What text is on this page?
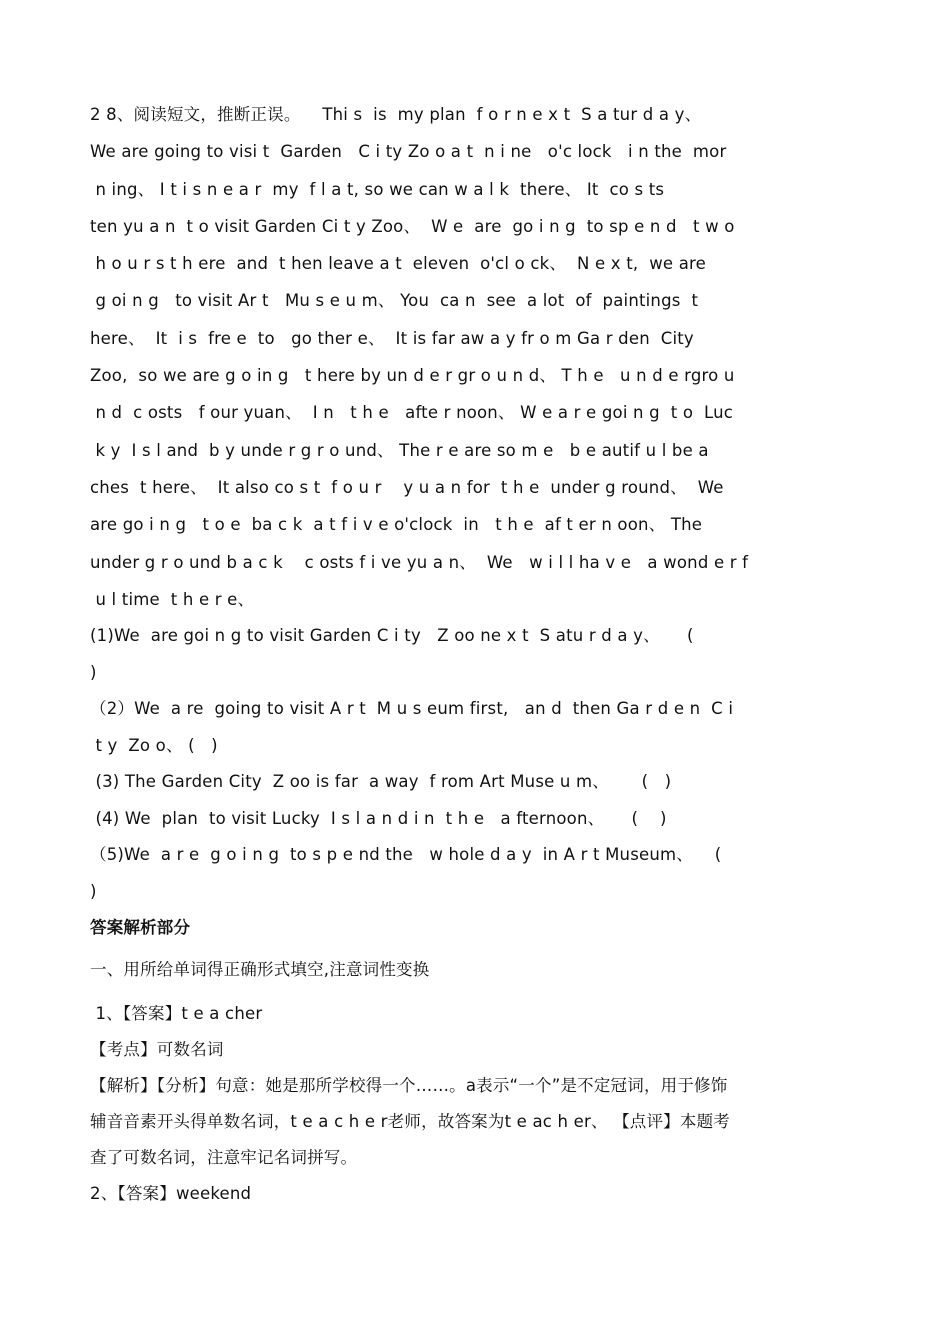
2 8、阅读短文，推断正误。    Thi s  is  my plan  f o r n e x t  S a tur d a y、
We are going to visi t  Garden   C i ty Zo o a t  n i ne   o'c lock   i n the  mor
n ing、 I t i s n e a r  my  f l a t, so we can w a l k  there、 It  co s ts
ten yu a n  t o visit Garden Ci t y Zoo、  W e  are  go i n g  to sp e n d   t w o
h o u r s t h ere  and  t hen leave a t  eleven  o'cl o ck、  N e x t,  we are
g oi n g   to visit Ar t   Mu s e u m、 You  ca n  see  a lot  of  paintings  t
here、  It  i s  fre e  to   go ther e、  It is far aw a y fr o m Ga r den  City
Zoo,  so we are g o in g   t here by un d e r gr o u n d、 T h e   u n d e rgro u
n d  c osts   f our yuan、  I n   t h e   afte r noon、 W e a r e goi n g  t o  Luc
k y  I s l and  b y unde r g r o und、 The r e are so m e   b e autif u l be a
ches  t here、  It also co s t  f o u r    y u a n for  t h e  under g round、  We
are go i n g   t o e  ba c k  a t f i v e o'clock  in   t h e  af t er n oon、 The
under g r o und b a c k    c osts f i ve yu a n、  We   w i l l ha v e   a wond e r f
u l time  t h e r e、
(1)We  are goi n g to visit Garden C i ty   Z oo ne x t  S atu r d a y、     (
)
（2）We  a re  going to visit A r t  M u s eum first,   an d  then Ga r d e n  C i
t y  Zo o、 (   )
(3) The Garden City  Z oo is far  a way  f rom Art Muse u m、      (   )
(4) We  plan  to visit Lucky  I s l a n d i n  t h e   a fternoon、     (    )
（5)We  a r e  g o i n g  to s p e nd the   w hole d a y  in A r t Museum、    (
)
答案解析部分
一、用所给单词得正确形式填空,注意词性变换
1、【答案】t e a cher
【考点】可数名词
【解析】【分析】句意：她是那所学校得一个……。a表示“一个”是不定冠词，用于修饰
辅音音素开头得单数名词，t e a c h e r老师，故答案为t e ac h er、 【点评】本题考
查了可数名词，注意牢记名词拼写。
2、【答案】weekend
